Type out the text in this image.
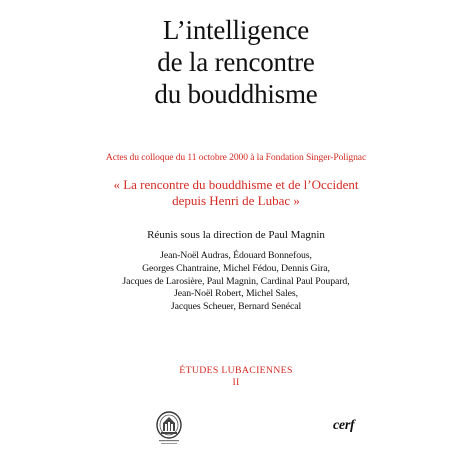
L’intelligence
de la rencontre
du bouddhisme
Actes du colloque du 11 octobre 2000 à la Fondation Singer-Polignac
« La rencontre du bouddhisme et de l’Occident
depuis Henri de Lubac »
Réunis sous la direction de Paul Magnin
Jean-Noël Audras, Édouard Bonnefous,
Georges Chantraine, Michel Fédou, Dennis Gira,
Jacques de Larosière, Paul Magnin, Cardinal Paul Poupard,
Jean-Noël Robert, Michel Sales,
Jacques Scheuer, Bernard Senécal
ÉTUDES LUBACIENNES
II
cerf
